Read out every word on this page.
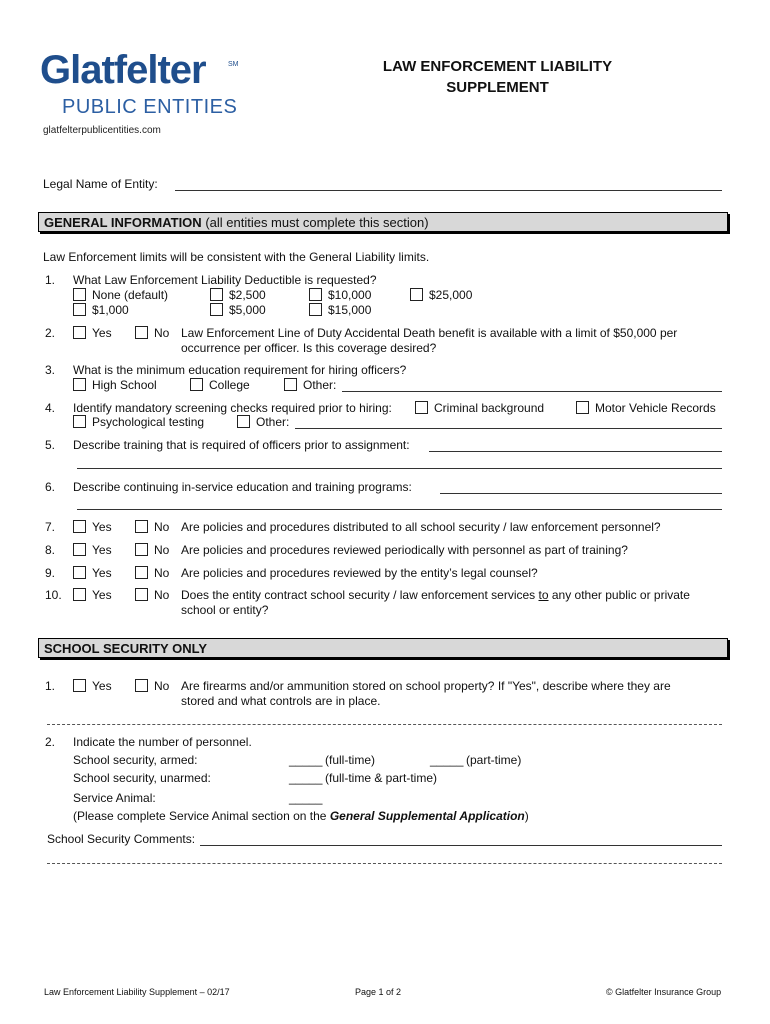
Glatfelter	SM
PUBLIC ENTITIES
glatfelterpublicentities.com
LAW ENFORCEMENT LIABILITY
SUPPLEMENT
Legal Name of Entity:
GENERAL INFORMATION (all entities must complete this section)
Law Enforcement limits will be consistent with the General Liability limits.
1.	What Law Enforcement Liability Deductible is requested?
None (default)	$2,500	$10,000	$25,000
$1,000	$5,000	$15,000
2.	Yes	No Law Enforcement Line of Duty Accidental Death benefit is available with a limit of $50,000 per
occurrence per officer. Is this coverage desired?
3.	What is the minimum education requirement for hiring officers?
High School	College	Other:
4.	Identify mandatory screening checks required prior to hiring:	Criminal background	Motor Vehicle Records
Psychological testing	Other:
5.	Describe training that is required of officers prior to assignment:
6.	Describe continuing in-service education and training programs:
7.	Yes	No Are policies and procedures distributed to all school security / law enforcement personnel?
8.	Yes	No Are policies and procedures reviewed periodically with personnel as part of training?
9.	Yes	No Are policies and procedures reviewed by the entity’s legal counsel?
10.	Yes	No Does the entity contract school security / law enforcement services to any other public or private
school or entity?
SCHOOL SECURITY ONLY
1.	Yes	No Are firearms and/or ammunition stored on school property? If "Yes", describe where they are
stored and what controls are in place.
2.	Indicate the number of personnel.
School security, armed:	_____ (full-time)	_____ (part-time)
School security, unarmed:	_____ (full-time & part-time)
Service Animal:	_____
(Please complete Service Animal section on the General Supplemental Application)
School Security Comments:
Law Enforcement Liability Supplement – 02/17	Page 1 of 2	© Glatfelter Insurance Group
